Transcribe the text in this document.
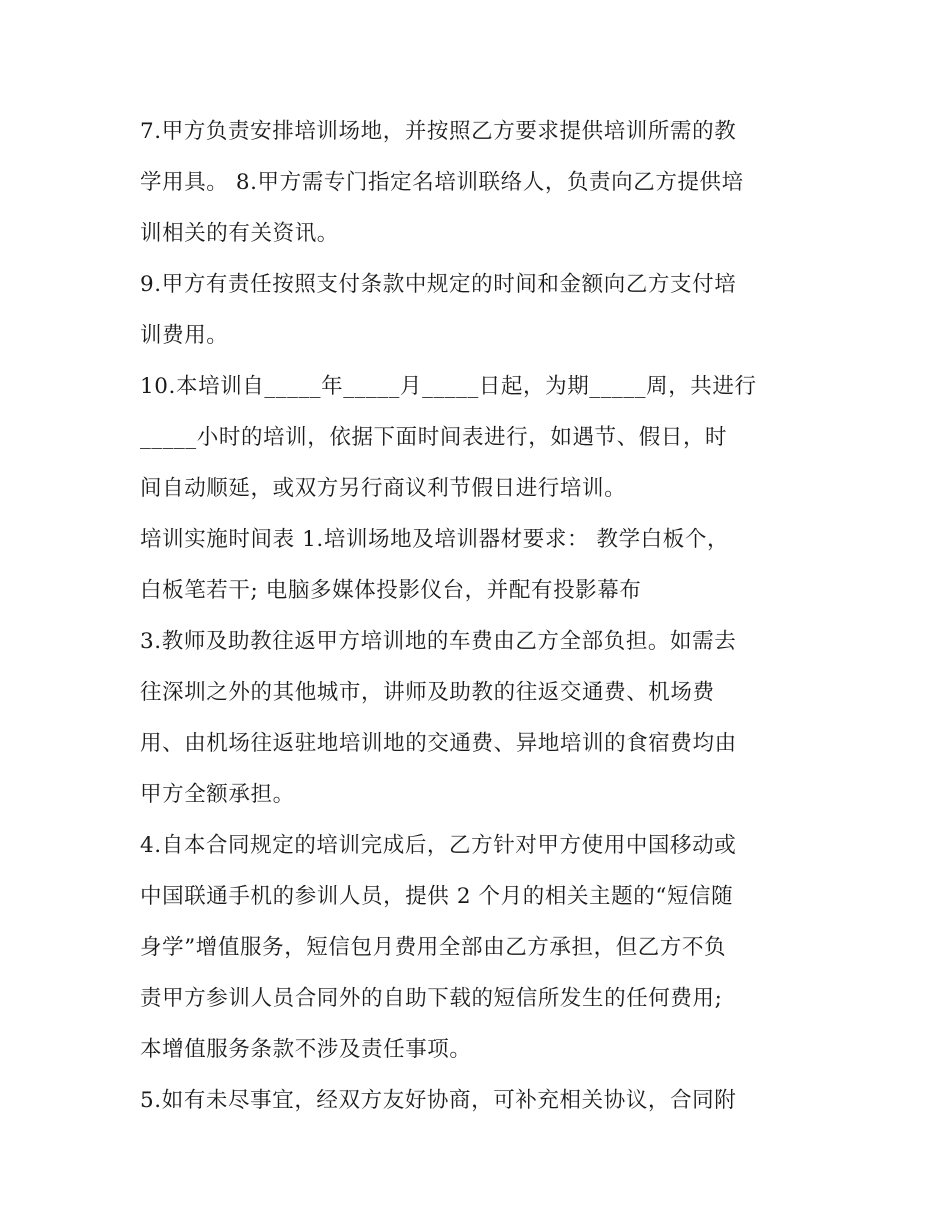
7.甲方负责安排培训场地，并按照乙方要求提供培训所需的教
学用具。 8.甲方需专门指定名培训联络人，负责向乙方提供培
训相关的有关资讯。
9.甲方有责任按照支付条款中规定的时间和金额向乙方支付培
训费用。
10.本培训自_____年_____月_____日起，为期_____周，共进行
_____小时的培训，依据下面时间表进行，如遇节、假日，时
间自动顺延，或双方另行商议利节假日进行培训。
培训实施时间表 1.培训场地及培训器材要求： 教学白板个，
白板笔若干; 电脑多媒体投影仪台，并配有投影幕布
3.教师及助教往返甲方培训地的车费由乙方全部负担。如需去
往深圳之外的其他城市，讲师及助教的往返交通费、机场费
用、由机场往返驻地培训地的交通费、异地培训的食宿费均由
甲方全额承担。
4.自本合同规定的培训完成后，乙方针对甲方使用中国移动或
中国联通手机的参训人员，提供 2 个月的相关主题的“短信随
身学”增值服务，短信包月费用全部由乙方承担，但乙方不负
责甲方参训人员合同外的自助下载的短信所发生的任何费用;
本增值服务条款不涉及责任事项。
5.如有未尽事宜，经双方友好协商，可补充相关协议，合同附
